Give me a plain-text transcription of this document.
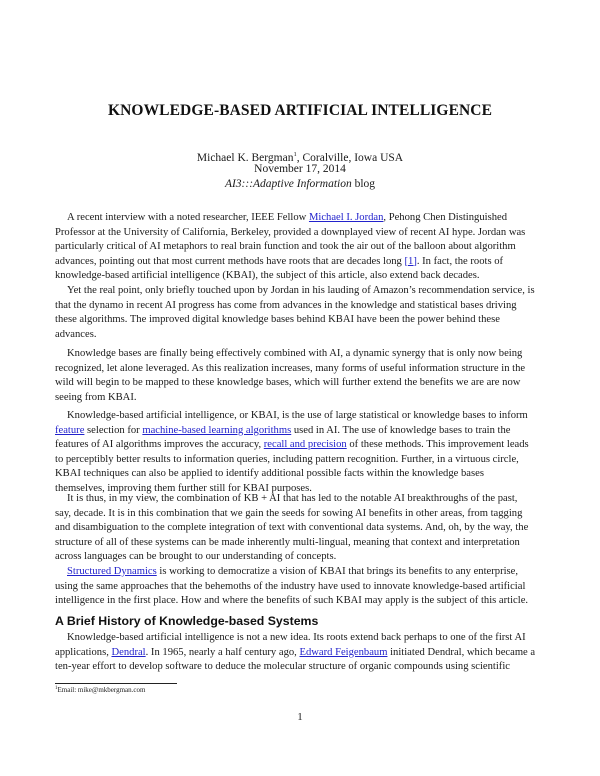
KNOWLEDGE-BASED ARTIFICIAL INTELLIGENCE
Michael K. Bergman$^1$, Coralville, Iowa USA
November 17, 2014
AI3:::Adaptive Information blog
A recent interview with a noted researcher, IEEE Fellow Michael I. Jordan, Pehong Chen Distinguished
Professor at the University of California, Berkeley, provided a downplayed view of recent AI hype. Jordan was
particularly critical of AI metaphors to real brain function and took the air out of the balloon about algorithm
advances, pointing out that most current methods have roots that are decades long [1]. In fact, the roots of
knowledge-based artificial intelligence (KBAI), the subject of this article, also extend back decades.
Yet the real point, only briefly touched upon by Jordan in his lauding of Amazon’s recommendation service, is
that the dynamo in recent AI progress has come from advances in the knowledge and statistical bases driving
these algorithms. The improved digital knowledge bases behind KBAI have been the power behind these
advances.
Knowledge bases are finally being effectively combined with AI, a dynamic synergy that is only now being
recognized, let alone leveraged. As this realization increases, many forms of useful information structure in the
wild will begin to be mapped to these knowledge bases, which will further extend the benefits we are are now
seeing from KBAI.
Knowledge-based artificial intelligence, or KBAI, is the use of large statistical or knowledge bases to inform
feature selection for machine-based learning algorithms used in AI. The use of knowledge bases to train the
features of AI algorithms improves the accuracy, recall and precision of these methods. This improvement leads
to perceptibly better results to information queries, including pattern recognition. Further, in a virtuous circle,
KBAI techniques can also be applied to identify additional possible facts within the knowledge bases
themselves, improving them further still for KBAI purposes.
It is thus, in my view, the combination of KB + AI that has led to the notable AI breakthroughs of the past,
say, decade. It is in this combination that we gain the seeds for sowing AI benefits in other areas, from tagging
and disambiguation to the complete integration of text with conventional data systems. And, oh, by the way, the
structure of all of these systems can be made inherently multi-lingual, meaning that context and interpretation
across languages can be brought to our understanding of concepts.
Structured Dynamics is working to democratize a vision of KBAI that brings its benefits to any enterprise,
using the same approaches that the behemoths of the industry have used to innovate knowledge-based artificial
intelligence in the first place. How and where the benefits of such KBAI may apply is the subject of this article.
A Brief History of Knowledge-based Systems
Knowledge-based artificial intelligence is not a new idea. Its roots extend back perhaps to one of the first AI
applications, Dendral. In 1965, nearly a half century ago, Edward Feigenbaum initiated Dendral, which became a
ten-year effort to develop software to deduce the molecular structure of organic compounds using scientific
$^1$Email: mike@mkbergman.com
1
